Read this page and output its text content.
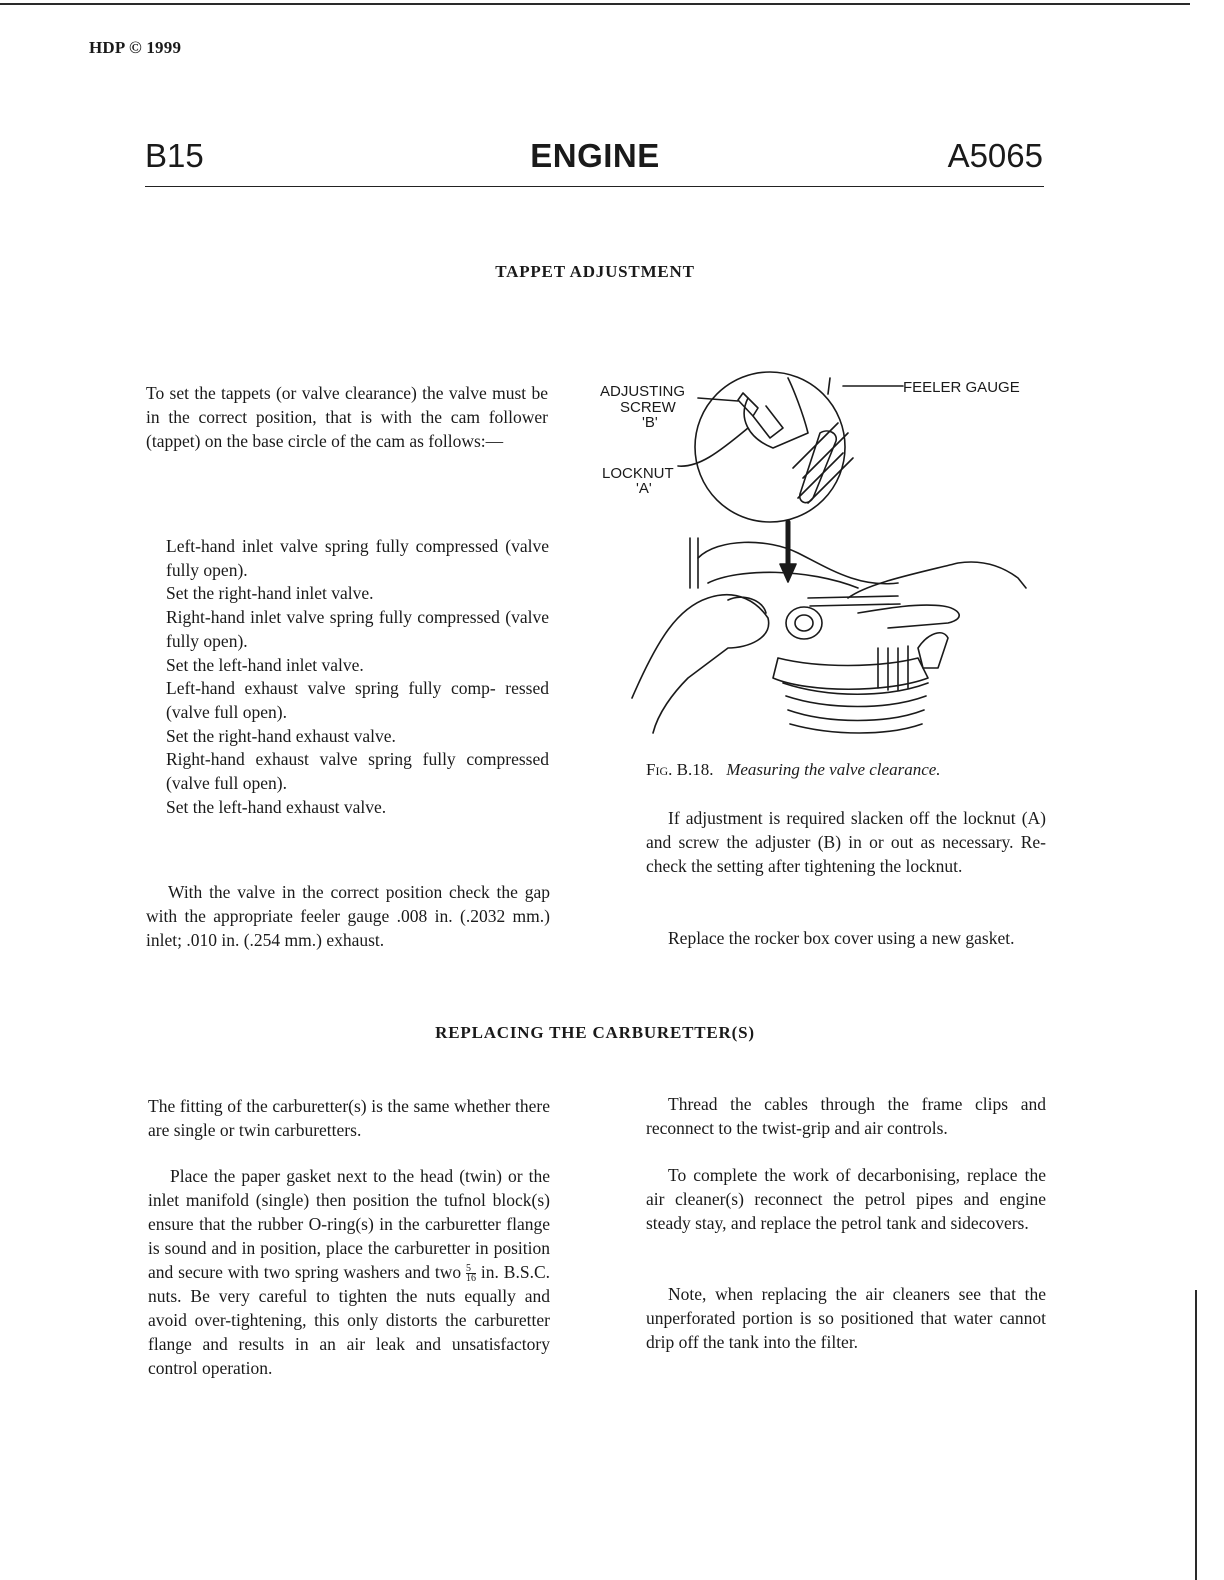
HDP © 1999
B15	ENGINE	A5065
TAPPET ADJUSTMENT
To set the tappets (or valve clearance) the valve must be in the correct position, that is with the cam follower (tappet) on the base circle of the cam as follows:—
Left-hand inlet valve spring fully compressed (valve fully open).
Set the right-hand inlet valve.
Right-hand inlet valve spring fully compressed (valve fully open).
Set the left-hand inlet valve.
Left-hand exhaust valve spring fully comp- ressed (valve full open).
Set the right-hand exhaust valve.
Right-hand exhaust valve spring fully compressed (valve full open).
Set the left-hand exhaust valve.
With the valve in the correct position check the gap with the appropriate feeler gauge .008 in. (.2032 mm.) inlet; .010 in. (.254 mm.) exhaust.
ADJUSTING
SCREW
'B'
LOCKNUT
'A'
FEELER GAUGE
Fig. B.18. Measuring the valve clearance.
If adjustment is required slacken off the locknut (A) and screw the adjuster (B) in or out as necessary. Re-check the setting after tightening the locknut.
Replace the rocker box cover using a new gasket.
REPLACING THE CARBURETTER(S)
The fitting of the carburetter(s) is the same whether there are single or twin carburetters.
Place the paper gasket next to the head (twin) or the inlet manifold (single) then position the tufnol block(s) ensure that the rubber O-ring(s) in the carburetter flange is sound and in position, place the carburetter in position and secure with two spring washers and two $\frac{5}{16}$ in. B.S.C. nuts. Be very careful to tighten the nuts equally and avoid over-tightening, this only distorts the carburetter flange and results in an air leak and unsatisfactory control operation.
Thread the cables through the frame clips and reconnect to the twist-grip and air controls.
To complete the work of decarbonising, replace the air cleaner(s) reconnect the petrol pipes and engine steady stay, and replace the petrol tank and sidecovers.
Note, when replacing the air cleaners see that the unperforated portion is so positioned that water cannot drip off the tank into the filter.
